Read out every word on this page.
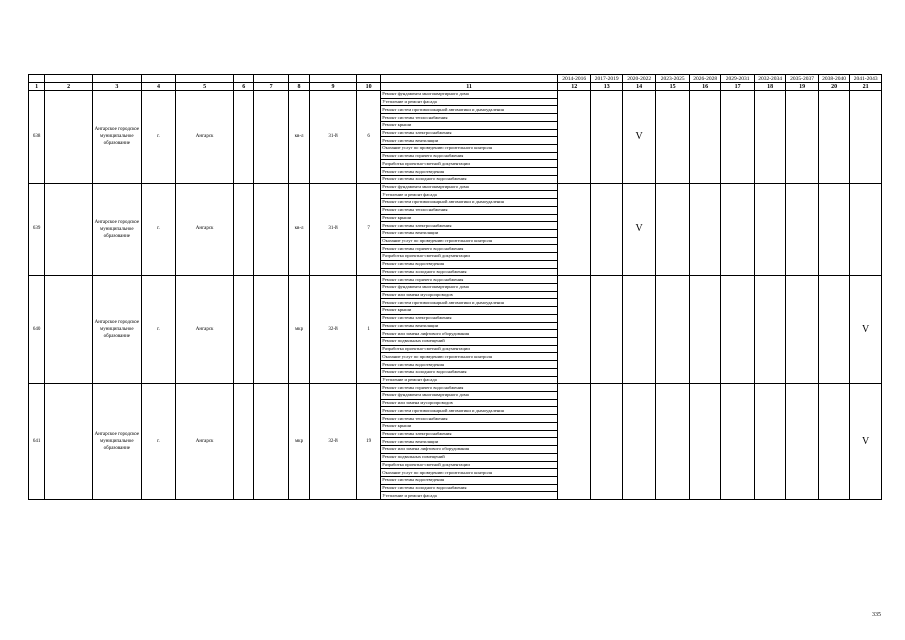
											2014-2016	2017-2019	2020-2022	2023-2025	2026-2028	2029-2031	2032-2034	2035-2037	2038-2040	2041-2043
1	2	3	4	5	6	7	8	9	10	11	12	13	14	15	16	17	18	19	20	21
638		Ангарское городское муниципальное образование	г.	Ангарск			кв-л	31-й	6	Ремонт фундамента многоквартирного дома			V							
										Утепление и ремонт фасада										
										Ремонт систем противопожарной автоматики и дымоудаления										
										Ремонт системы теплоснабжения										
										Ремонт крыши										
										Ремонт системы электроснабжения										
										Ремонт системы вентиляции										
										Оказание услуг по проведению строительного контроля										
										Ремонт системы горячего водоснабжения										
										Разработка проектно-сметной документации										
										Ремонт системы водоотведения										
										Ремонт системы холодного водоснабжения										
639		Ангарское городское муниципальное образование	г.	Ангарск			кв-л	31-й	7	Ремонт фундамента многоквартирного дома			V							
										Утепление и ремонт фасада										
										Ремонт систем противопожарной автоматики и дымоудаления										
										Ремонт системы теплоснабжения										
										Ремонт крыши										
										Ремонт системы электроснабжения										
										Ремонт системы вентиляции										
										Оказание услуг по проведению строительного контроля										
										Ремонт системы горячего водоснабжения										
										Разработка проектно-сметной документации										
										Ремонт системы водоотведения										
										Ремонт системы холодного водоснабжения										
640		Ангарское городское муниципальное образование	г.	Ангарск			мкр	32-й	1	Ремонт системы горячего водоснабжения										V
										Ремонт фундамента многоквартирного дома										
										Ремонт или замена мусоропроводов										
										Ремонт систем противопожарной автоматики и дымоудаления										
										Ремонт крыши										
										Ремонт системы электроснабжения										
										Ремонт системы вентиляции										
										Ремонт или замена лифтового оборудования										
										Ремонт подвальных помещений										
										Разработка проектно-сметной документации										
										Оказание услуг по проведению строительного контроля										
										Ремонт системы водоотведения										
										Ремонт системы холодного водоснабжения										
										Утепление и ремонт фасада										
641		Ангарское городское муниципальное образование	г.	Ангарск			мкр	32-й	19	Ремонт системы горячего водоснабжения										V
										Ремонт фундамента многоквартирного дома										
										Ремонт или замена мусоропроводов										
										Ремонт систем противопожарной автоматики и дымоудаления										
										Ремонт системы теплоснабжения										
										Ремонт крыши										
										Ремонт системы электроснабжения										
										Ремонт системы вентиляции										
										Ремонт или замена лифтового оборудования										
										Ремонт подвальных помещений										
										Разработка проектно-сметной документации										
										Оказание услуг по проведению строительного контроля										
										Ремонт системы водоотведения										
										Ремонт системы холодного водоснабжения										
										Утепление и ремонт фасада										
335
